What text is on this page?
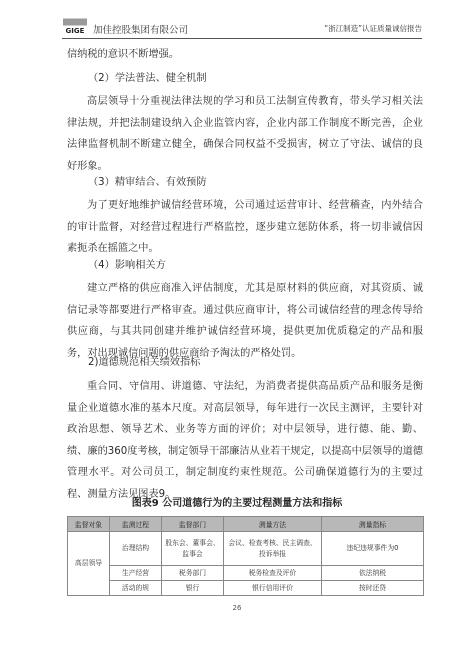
GIGE 加佳控股集团有限公司	“浙江制造”认证质量诚信报告

信纳税的意识不断增强。

（2）学法普法、健全机制

高层领导十分重视法律法规的学习和员工法制宣传教育，带头学习相关法律法规，并把法制建设纳入企业监管内容，企业内部工作制度不断完善，企业法律监督机制不断建立健全，确保合同权益不受损害，树立了守法、诚信的良好形象。

（3）精审结合、有效预防

为了更好地维护诚信经营环境，公司通过运营审计、经营稽查，内外结合的审计监督，对经营过程进行严格监控，逐步建立惩防体系，将一切非诚信因素扼杀在摇篮之中。

（4）影响相关方

建立严格的供应商准入评估制度，尤其是原材料的供应商，对其资质、诚信记录等都要进行严格审查。通过供应商审计，将公司诚信经营的理念传导给供应商，与其共同创建并维护诚信经营环境，提供更加优质稳定的产品和服务，对出现诚信问题的供应商给予淘汰的严格处罚。

2)道德规范相关绩效指标

重合同、守信用、讲道德、守法纪，为消费者提供高品质产品和服务是衡量企业道德水准的基本尺度。对高层领导，每年进行一次民主测评，主要针对政治思想、领导艺术、业务等方面的评价；对中层领导，进行德、能、勤、绩、廉的360度考核，制定领导干部廉洁从业若干规定，以提高中层领导的道德管理水平。对公司员工，制定制度约束性规范。公司确保道德行为的主要过程、测量方法见图表9。

图表9 公司道德行为的主要过程测量方法和指标
监督对象	监测过程	监督部门	测量方法	测量指标
高层领导	治理结构	股东会、董事会、监事会	会议、检查考核、民主调查、投诉举报	违纪违规事件为0
	生产经营	税务部门	税务检查及评价	依法纳税
	活动的规	银行	银行信用评价	按时还贷
26
